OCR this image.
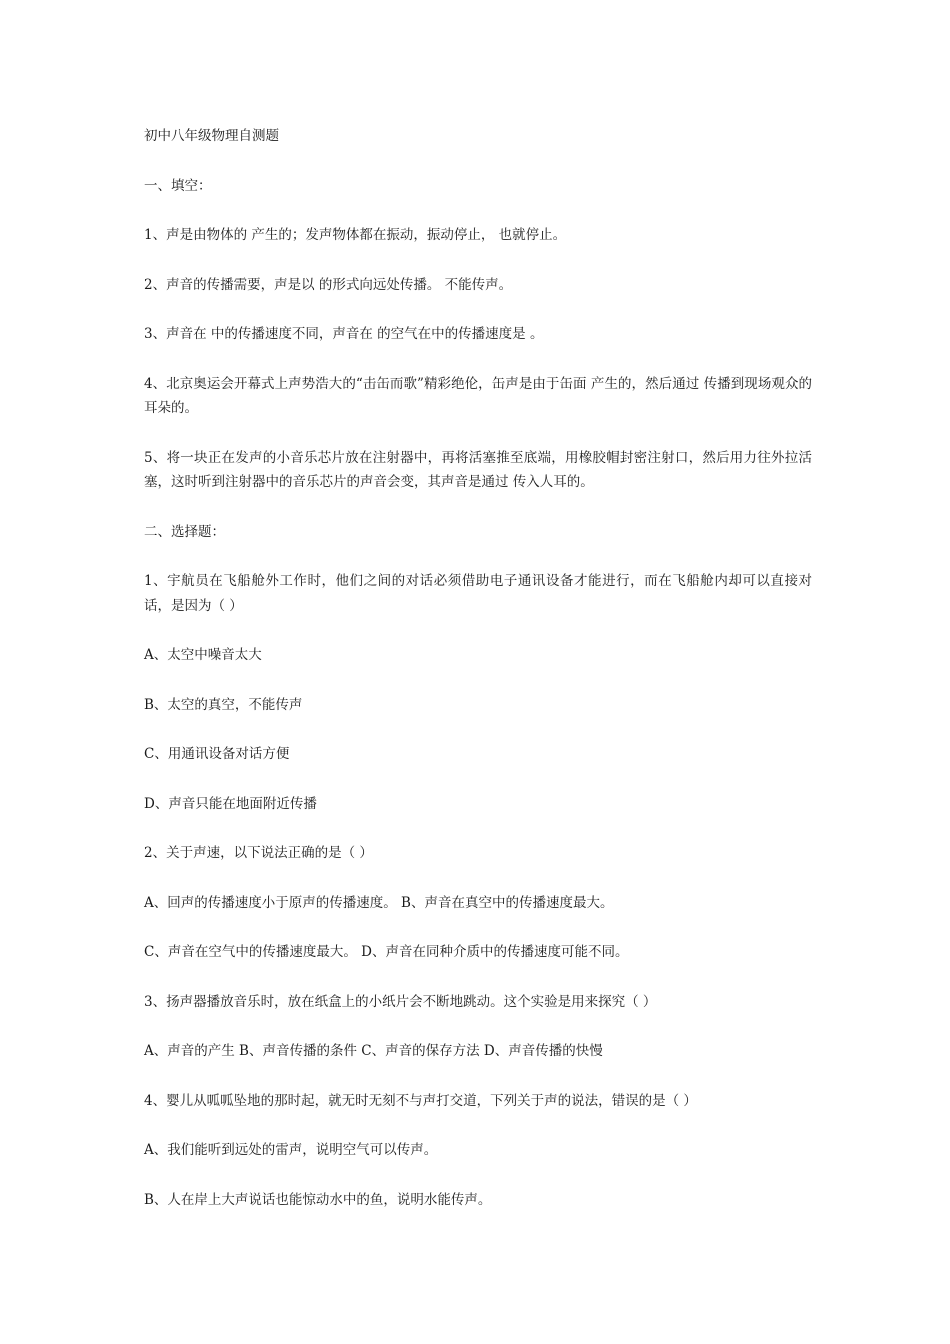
初中八年级物理自测题

一、填空：

1、声是由物体的 产生的；发声物体都在振动，振动停止， 也就停止。

2、声音的传播需要，声是以 的形式向远处传播。 不能传声。

3、声音在 中的传播速度不同，声音在 的空气在中的传播速度是 。

4、北京奥运会开幕式上声势浩大的“击缶而歌”精彩绝伦，缶声是由于缶面 产生的，然后通过 传播到现场观众的耳朵的。

5、将一块正在发声的小音乐芯片放在注射器中，再将活塞推至底端，用橡胶帽封密注射口，然后用力往外拉活塞，这时听到注射器中的音乐芯片的声音会变，其声音是通过 传入人耳的。

二、选择题：

1、宇航员在飞船舱外工作时，他们之间的对话必须借助电子通讯设备才能进行，而在飞船舱内却可以直接对话，是因为（ ）

A、太空中噪音太大

B、太空的真空，不能传声

C、用通讯设备对话方便

D、声音只能在地面附近传播

2、关于声速，以下说法正确的是（ ）

A、回声的传播速度小于原声的传播速度。 B、声音在真空中的传播速度最大。

C、声音在空气中的传播速度最大。 D、声音在同种介质中的传播速度可能不同。

3、扬声器播放音乐时，放在纸盒上的小纸片会不断地跳动。这个实验是用来探究（ ）

A、声音的产生 B、声音传播的条件 C、声音的保存方法 D、声音传播的快慢

4、婴儿从呱呱坠地的那时起，就无时无刻不与声打交道，下列关于声的说法，错误的是（ ）

A、我们能听到远处的雷声，说明空气可以传声。

B、人在岸上大声说话也能惊动水中的鱼，说明水能传声。
